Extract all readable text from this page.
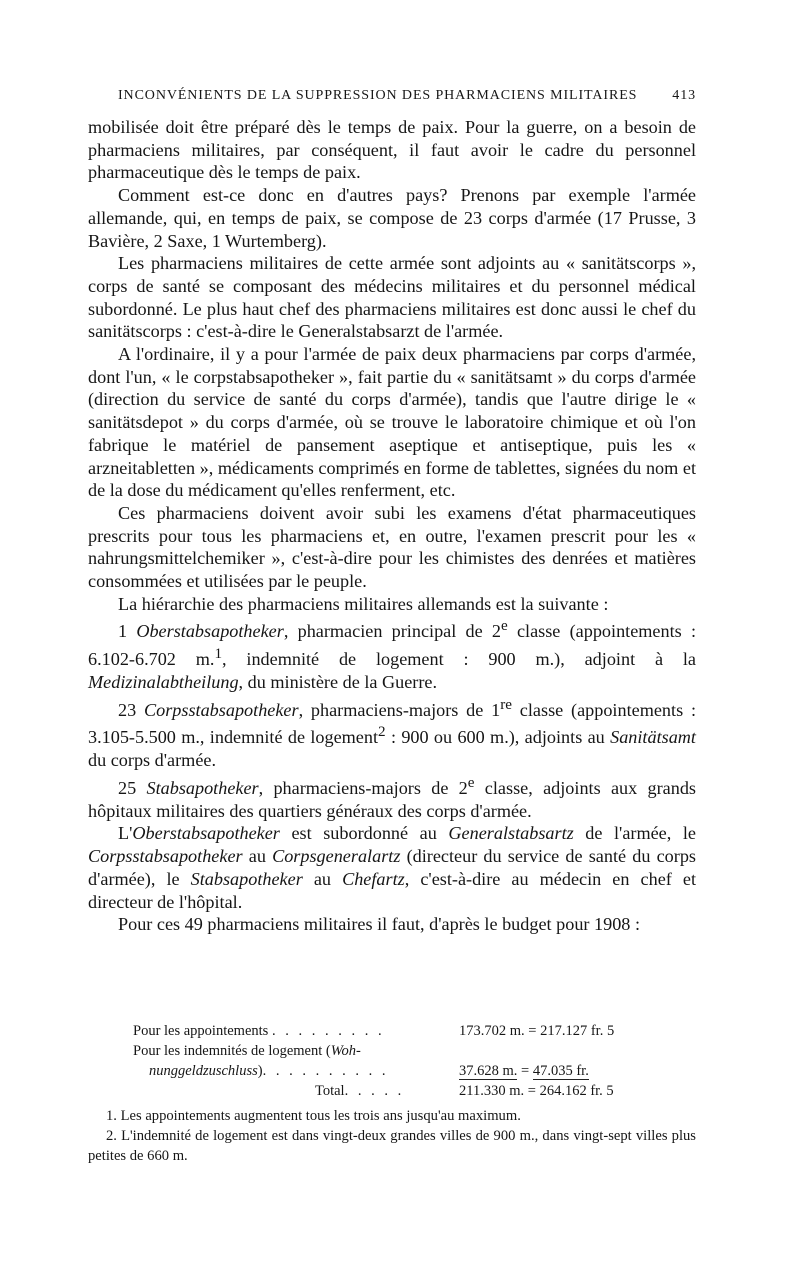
INCONVÉNIENTS DE LA SUPPRESSION DES PHARMACIENS MILITAIRES 413

mobilisée doit être préparé dès le temps de paix. Pour la guerre, on a besoin de pharmaciens militaires, par conséquent, il faut avoir le cadre du personnel pharmaceutique dès le temps de paix.

Comment est-ce donc en d'autres pays? Prenons par exemple l'armée allemande, qui, en temps de paix, se compose de 23 corps d'armée (17 Prusse, 3 Bavière, 2 Saxe, 1 Wurtemberg).

Les pharmaciens militaires de cette armée sont adjoints au « sanitätscorps », corps de santé se composant des médecins militaires et du personnel médical subordonné. Le plus haut chef des pharmaciens militaires est donc aussi le chef du sanitätscorps : c'est-à-dire le Generalstabsarzt de l'armée.

A l'ordinaire, il y a pour l'armée de paix deux pharmaciens par corps d'armée, dont l'un, « le corpstabsapotheker », fait partie du « sanitätsamt » du corps d'armée (direction du service de santé du corps d'armée), tandis que l'autre dirige le « sanitätsdepot » du corps d'armée, où se trouve le laboratoire chimique et où l'on fabrique le matériel de pansement aseptique et antiseptique, puis les « arzneitabletten », médicaments comprimés en forme de tablettes, signées du nom et de la dose du médicament qu'elles renferment, etc.

Ces pharmaciens doivent avoir subi les examens d'état pharmaceutiques prescrits pour tous les pharmaciens et, en outre, l'examen prescrit pour les « nahrungsmittelchemiker », c'est-à-dire pour les chimistes des denrées et matières consommées et utilisées par le peuple.

La hiérarchie des pharmaciens militaires allemands est la suivante :

1 Oberstabsapotheker, pharmacien principal de 2e classe (appointements : 6.102-6.702 m.$^1$, indemnité de logement : 900 m.), adjoint à la Medizinalabtheilung, du ministère de la Guerre.

23 Corpsstabsapotheker, pharmaciens-majors de 1re classe (appointements : 3.105-5.500 m., indemnité de logement$^2$ : 900 ou 600 m.), adjoints au Sanitätsamt du corps d'armée.

25 Stabsapotheker, pharmaciens-majors de 2e classe, adjoints aux grands hôpitaux militaires des quartiers généraux des corps d'armée.

L'Oberstabsapotheker est subordonné au Generalstabsartz de l'armée, le Corpsstabsapotheker au Corpsgeneralartz (directeur du service de santé du corps d'armée), le Stabsapotheker au Chefartz, c'est-à-dire au médecin en chef et directeur de l'hôpital.

Pour ces 49 pharmaciens militaires il faut, d'après le budget pour 1908 :

Pour les appointements . . . . . . . . .	173.702 m. = 217.127 fr. 5
Pour les indemnités de logement (Woh-
nunggeldzuschluss). . . . . . . . . .	37.628 m. = 47.035 fr.
Total. . . . .	211.330 m. = 264.162 fr. 5

1. Les appointements augmentent tous les trois ans jusqu'au maximum.

2. L'indemnité de logement est dans vingt-deux grandes villes de 900 m., dans vingt-sept villes plus petites de 660 m.
